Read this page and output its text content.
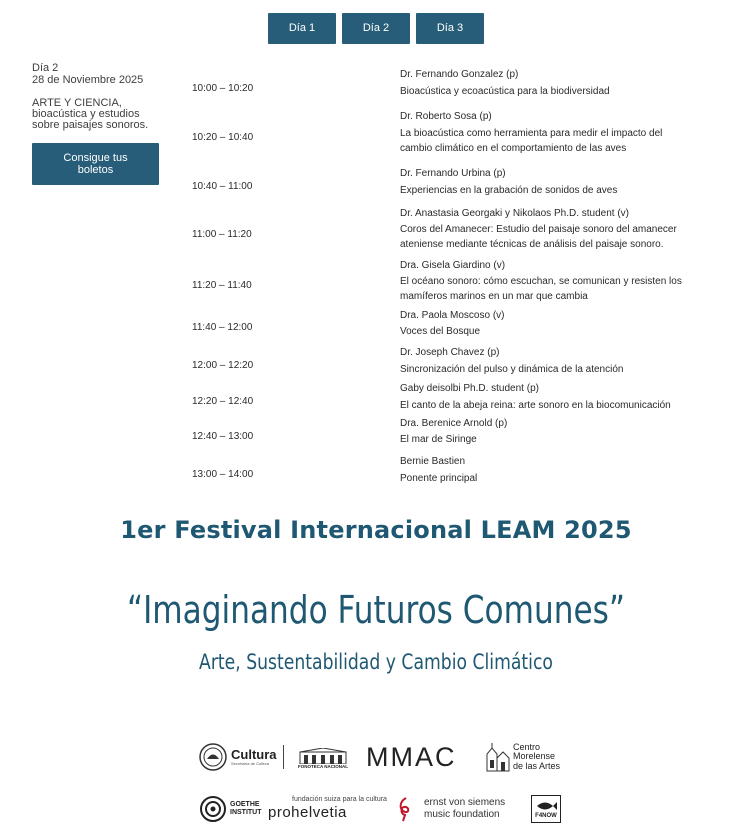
Día 1	Día 2	Día 3
Día 2
28 de Noviembre 2025
ARTE Y CIENCIA,
bioacústica y estudios
sobre paisajes sonoros.
Consigue tus
boletos
10:00 – 10:20
Dr. Fernando Gonzalez (p)
Bioacústica y ecoacústica para la biodiversidad
10:20 – 10:40
Dr. Roberto Sosa (p)
La bioacústica como herramienta para medir el impacto del
cambio climático en el comportamiento de las aves
10:40 – 11:00
Dr. Fernando Urbina (p)
Experiencias en la grabación de sonidos de aves
11:00 – 11:20
Dr. Anastasia Georgaki y Nikolaos Ph.D. student (v)
Coros del Amanecer: Estudio del paisaje sonoro del amanecer
ateniense mediante técnicas de análisis del paisaje sonoro.
11:20 – 11:40
Dra. Gisela Giardino (v)
El océano sonoro: cómo escuchan, se comunican y resisten los
mamíferos marinos en un mar que cambia
11:40 – 12:00
Dra. Paola Moscoso (v)
Voces del Bosque
12:00 – 12:20
Dr. Joseph Chavez (p)
Sincronización del pulso y dinámica de la atención
12:20 – 12:40
Gaby deisolbi Ph.D. student (p)
El canto de la abeja reina: arte sonoro en la biocomunicación
12:40 – 13:00
Dra. Berenice Arnold (p)
El mar de Siringe
13:00 – 14:00
Bernie Bastien
Ponente principal
1er Festival Internacional LEAM 2025
“Imaginando Futuros Comunes”
Arte, Sustentabilidad y Cambio Climático
Cultura
Secretaría de Cultura
FONOTECA NACIONAL MMAC	Centro
Morelense
de las Artes
GOETHE
INSTITUT
fundación suiza para la cultura
prohelvetia
ernst von siemens
music foundation	F4NOW
